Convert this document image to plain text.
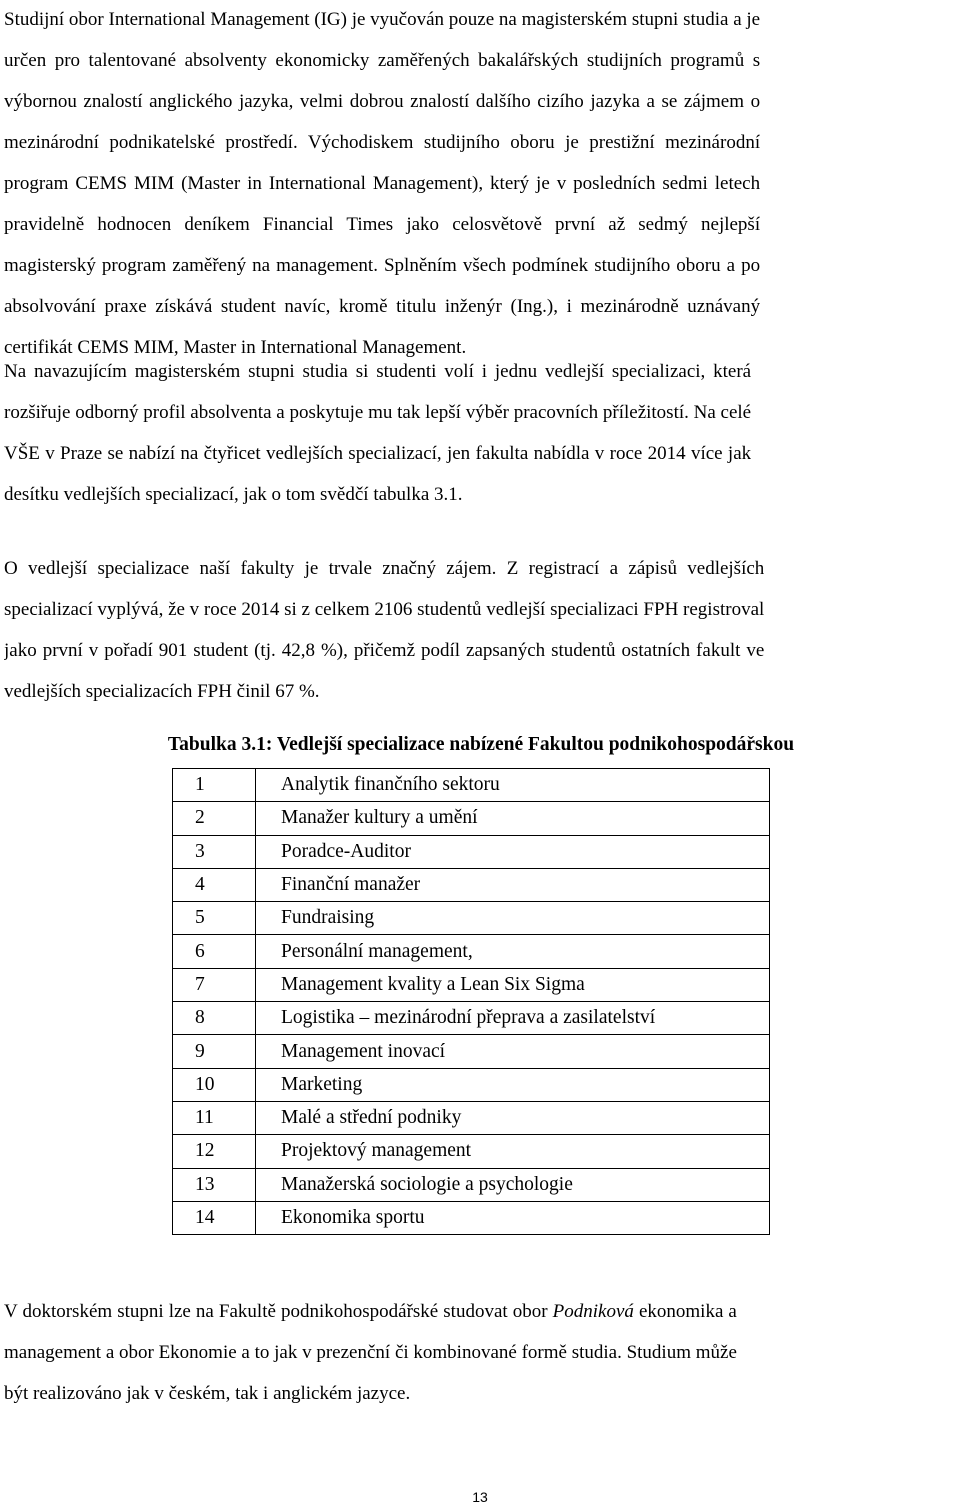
Studijní obor International Management (IG) je vyučován pouze na magisterském stupni studia a je
určen pro talentované absolventy ekonomicky zaměřených bakalářských studijních programů s
výbornou znalostí anglického jazyka, velmi dobrou znalostí dalšího cizího jazyka a se zájmem o
mezinárodní podnikatelské prostředí. Východiskem studijního oboru je prestižní mezinárodní
program CEMS MIM (Master in International Management), který je v posledních sedmi letech
pravidelně hodnocen deníkem Financial Times jako celosvětově první až sedmý nejlepší
magisterský program zaměřený na management. Splněním všech podmínek studijního oboru a po
absolvování praxe získává student navíc, kromě titulu inženýr (Ing.), i mezinárodně uznávaný
certifikát CEMS MIM, Master in International Management.

Na navazujícím magisterském stupni studia si studenti volí i jednu vedlejší specializaci, která
rozšiřuje odborný profil absolventa a poskytuje mu tak lepší výběr pracovních příležitostí. Na celé
VŠE v Praze se nabízí na čtyřicet vedlejších specializací, jen fakulta nabídla v roce 2014 více jak
desítku vedlejších specializací, jak o tom svědčí tabulka 3.1.

O vedlejší specializace naší fakulty je trvale značný zájem. Z registrací a zápisů vedlejších
specializací vyplývá, že v roce 2014 si z celkem 2106 studentů vedlejší specializaci FPH registroval
jako první v pořadí 901 student (tj. 42,8 %), přičemž podíl zapsaných studentů ostatních fakult ve
vedlejších specializacích FPH činil 67 %.

Tabulka 3.1: Vedlejší specializace nabízené Fakultou podnikohospodářskou

1	Analytik finančního sektoru
2	Manažer kultury a umění
3	Poradce-Auditor
4	Finanční manažer
5	Fundraising
6	Personální management,
7	Management kvality a Lean Six Sigma
8	Logistika – mezinárodní přeprava a zasilatelství
9	Management inovací
10	Marketing
11	Malé a střední podniky
12	Projektový management
13	Manažerská sociologie a psychologie
14	Ekonomika sportu

V doktorském stupni lze na Fakultě podnikohospodářské studovat obor Podniková ekonomika a
management a obor Ekonomie a to jak v prezenční či kombinované formě studia. Studium může
být realizováno jak v českém, tak i anglickém jazyce.

13
